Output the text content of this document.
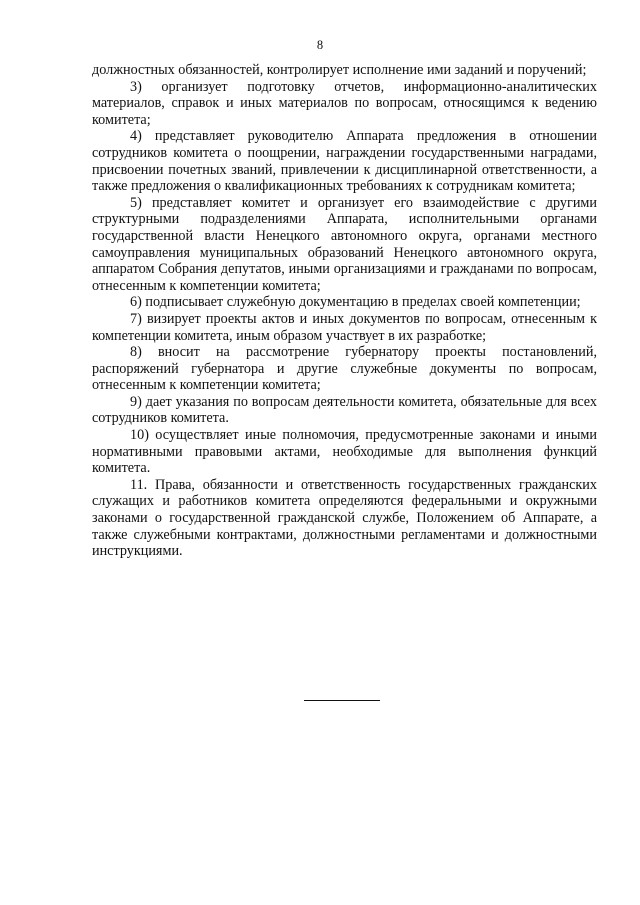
8

должностных обязанностей, контролирует исполнение ими заданий и поручений;

3) организует подготовку отчетов, информационно-аналитических материалов, справок и иных материалов по вопросам, относящимся к ведению комитета;

4) представляет руководителю Аппарата предложения в отношении сотрудников комитета о поощрении, награждении государственными наградами, присвоении почетных званий, привлечении к дисциплинарной ответственности, а также предложения о квалификационных требованиях к сотрудникам комитета;

5) представляет комитет и организует его взаимодействие с другими структурными подразделениями Аппарата, исполнительными органами государственной власти Ненецкого автономного округа, органами местного самоуправления муниципальных образований Ненецкого автономного округа, аппаратом Собрания депутатов, иными организациями и гражданами по вопросам, отнесенным к компетенции комитета;

6) подписывает служебную документацию в пределах своей компетенции;

7) визирует проекты актов и иных документов по вопросам, отнесенным к компетенции комитета, иным образом участвует в их разработке;

8) вносит на рассмотрение губернатору проекты постановлений, распоряжений губернатора и другие служебные документы по вопросам, отнесенным к компетенции комитета;

9) дает указания по вопросам деятельности комитета, обязательные для всех сотрудников комитета.

10) осуществляет иные полномочия, предусмотренные законами и иными нормативными правовыми актами, необходимые для выполнения функций комитета.

11. Права, обязанности и ответственность государственных гражданских служащих и работников комитета определяются федеральными и окружными законами о государственной гражданской службе, Положением об Аппарате, а также служебными контрактами, должностными регламентами и должностными инструкциями.
